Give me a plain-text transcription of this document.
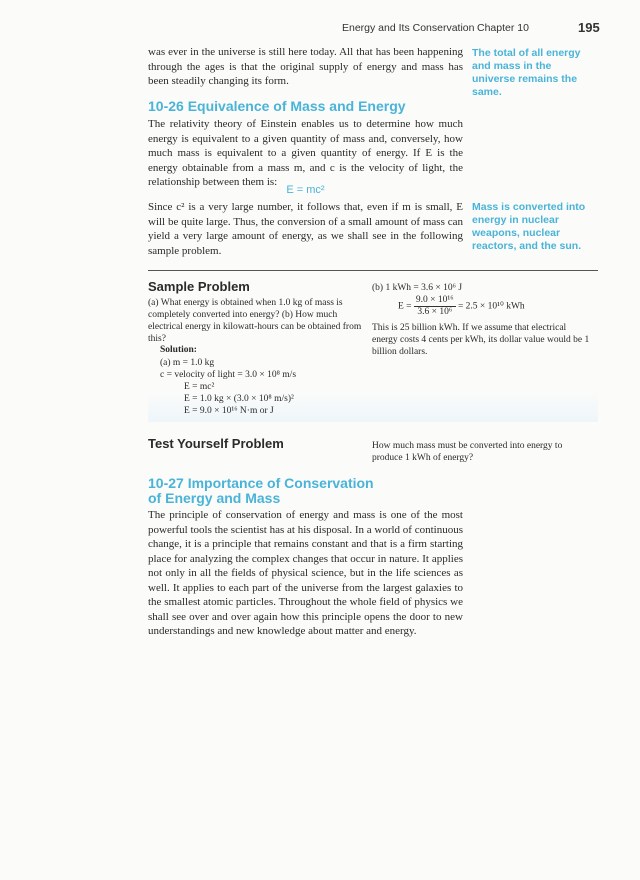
Energy and Its Conservation Chapter 10	195
was ever in the universe is still here today. All that has been happening through the ages is that the original supply of energy and mass has been steadily changing its form.
The total of all energy and mass in the universe remains the same.
10-26 Equivalence of Mass and Energy
The relativity theory of Einstein enables us to determine how much energy is equivalent to a given quantity of mass and, conversely, how much mass is equivalent to a given quantity of energy. If E is the energy obtainable from a mass m, and c is the velocity of light, the relationship between them is:
E = mc²
Since c² is a very large number, it follows that, even if m is small, E will be quite large. Thus, the conversion of a small amount of mass can yield a very large amount of energy, as we shall see in the following sample problem.
Mass is converted into energy in nuclear weapons, nuclear reactors, and the sun.
Sample Problem
(a) What energy is obtained when 1.0 kg of mass is completely converted into energy? (b) How much electrical energy in kilowatt-hours can be obtained from this?
Solution:
(a) m = 1.0 kg
c = velocity of light = 3.0 × 10⁸ m/s
E = mc²
E = 1.0 kg × (3.0 × 10⁸ m/s)²
E = 9.0 × 10¹⁶ N·m or J
(b) 1 kWh = 3.6 × 10⁶ J
$E = \frac{\text{9.0 × 10¹⁶}}{\text{3.6 × 10⁶}} = 2.5 \times 10^{10}$ kWh
This is 25 billion kWh. If we assume that electrical energy costs 4 cents per kWh, its dollar value would be 1 billion dollars.
Test Yourself Problem	How much mass must be converted into energy to produce 1 kWh of energy?
10-27 Importance of Conservation
of Energy and Mass
The principle of conservation of energy and mass is one of the most powerful tools the scientist has at his disposal. In a world of continuous change, it is a principle that remains constant and that is a firm starting place for analyzing the complex changes that occur in nature. It applies not only in all the fields of physical science, but in the life sciences as well. It applies to each part of the universe from the largest galaxies to the smallest atomic particles. Throughout the whole field of physics we shall see over and over again how this principle opens the door to new understandings and new knowledge about matter and energy.
